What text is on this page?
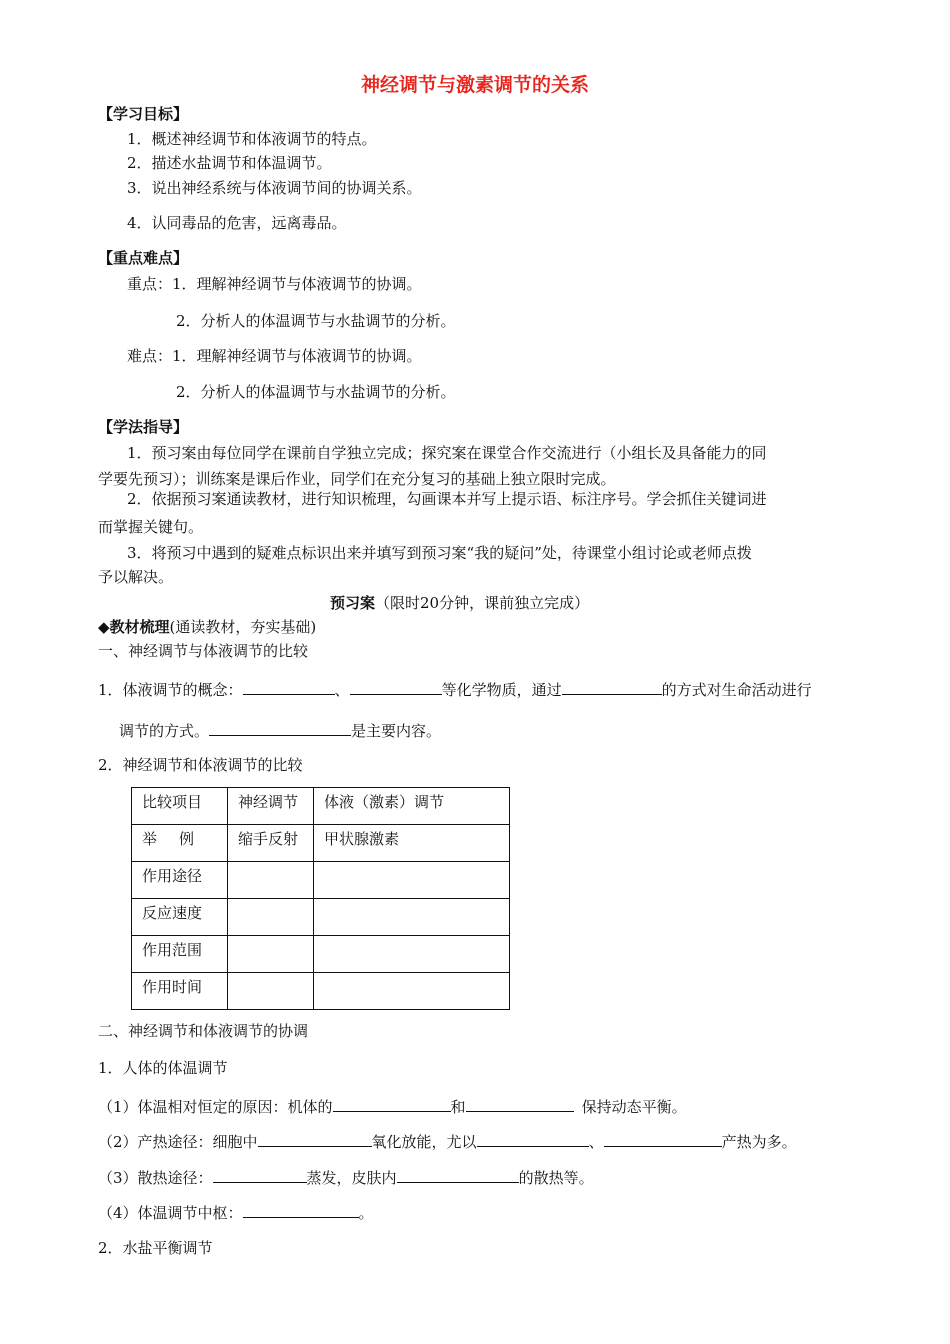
神经调节与激素调节的关系
【学习目标】
1．概述神经调节和体液调节的特点。
2．描述水盐调节和体温调节。
3．说出神经系统与体液调节间的协调关系。
4．认同毒品的危害，远离毒品。
【重点难点】
重点：1．理解神经调节与体液调节的协调。
2．分析人的体温调节与水盐调节的分析。
难点：1．理解神经调节与体液调节的协调。
2．分析人的体温调节与水盐调节的分析。
【学法指导】
1．预习案由每位同学在课前自学独立完成；探究案在课堂合作交流进行（小组长及具备能力的同
学要先预习）；训练案是课后作业，同学们在充分复习的基础上独立限时完成。
2．依据预习案通读教材，进行知识梳理，勾画课本并写上提示语、标注序号。学会抓住关键词进
而掌握关键句。
3．将预习中遇到的疑难点标识出来并填写到预习案“我的疑问”处，待课堂小组讨论或老师点拨
予以解决。
预习案（限时20分钟，课前独立完成）
◆教材梳理(通读教材，夯实基础)
一、神经调节与体液调节的比较
1．体液调节的概念：	、	等化学物质，通过	的方式对生命活动进行
调节的方式。	是主要内容。
2．神经调节和体液调节的比较
比较项目	神经调节	体液（激素）调节
举例	缩手反射	甲状腺激素
作用途径		
反应速度		
作用范围		
作用时间		
二、神经调节和体液调节的协调
1．人体的体温调节
（1）体温相对恒定的原因：机体的	和	保持动态平衡。
（2）产热途径：细胞中	氧化放能，尤以	、	产热为多。
（3）散热途径：	蒸发，皮肤内	的散热等。
（4）体温调节中枢：	。
2．水盐平衡调节
